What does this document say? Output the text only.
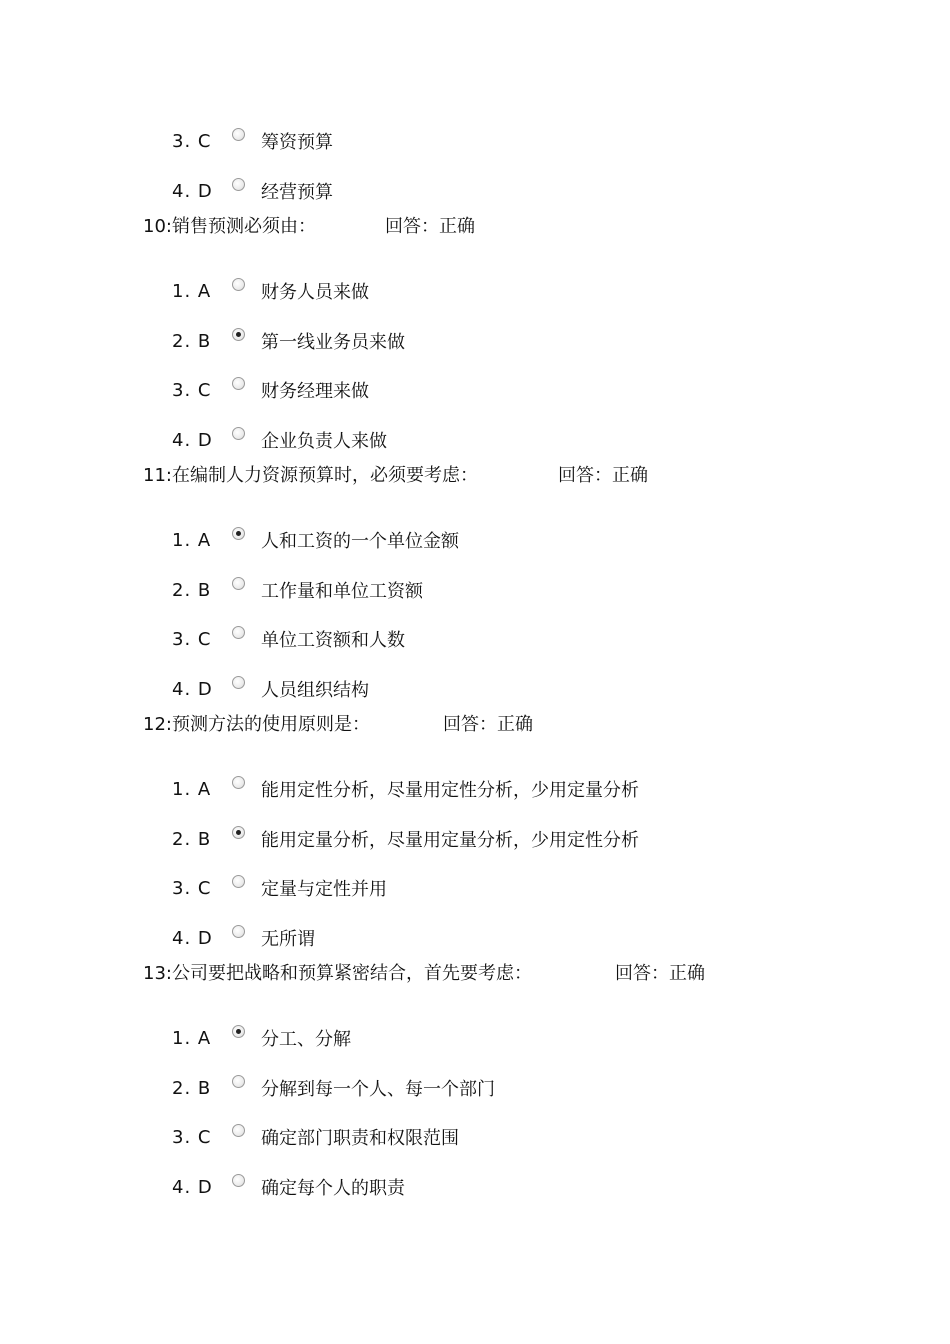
3. C	筹资预算
4. D	经营预算
10:销售预测必须由：	回答：正确
1. A	财务人员来做
2. B	第一线业务员来做
3. C	财务经理来做
4. D	企业负责人来做
11:在编制人力资源预算时，必须要考虑：	回答：正确
1. A	人和工资的一个单位金额
2. B	工作量和单位工资额
3. C	单位工资额和人数
4. D	人员组织结构
12:预测方法的使用原则是：	回答：正确
1. A	能用定性分析，尽量用定性分析，少用定量分析
2. B	能用定量分析，尽量用定量分析，少用定性分析
3. C	定量与定性并用
4. D	无所谓
13:公司要把战略和预算紧密结合，首先要考虑：	回答：正确
1. A	分工、分解
2. B	分解到每一个人、每一个部门
3. C	确定部门职责和权限范围
4. D	确定每个人的职责
